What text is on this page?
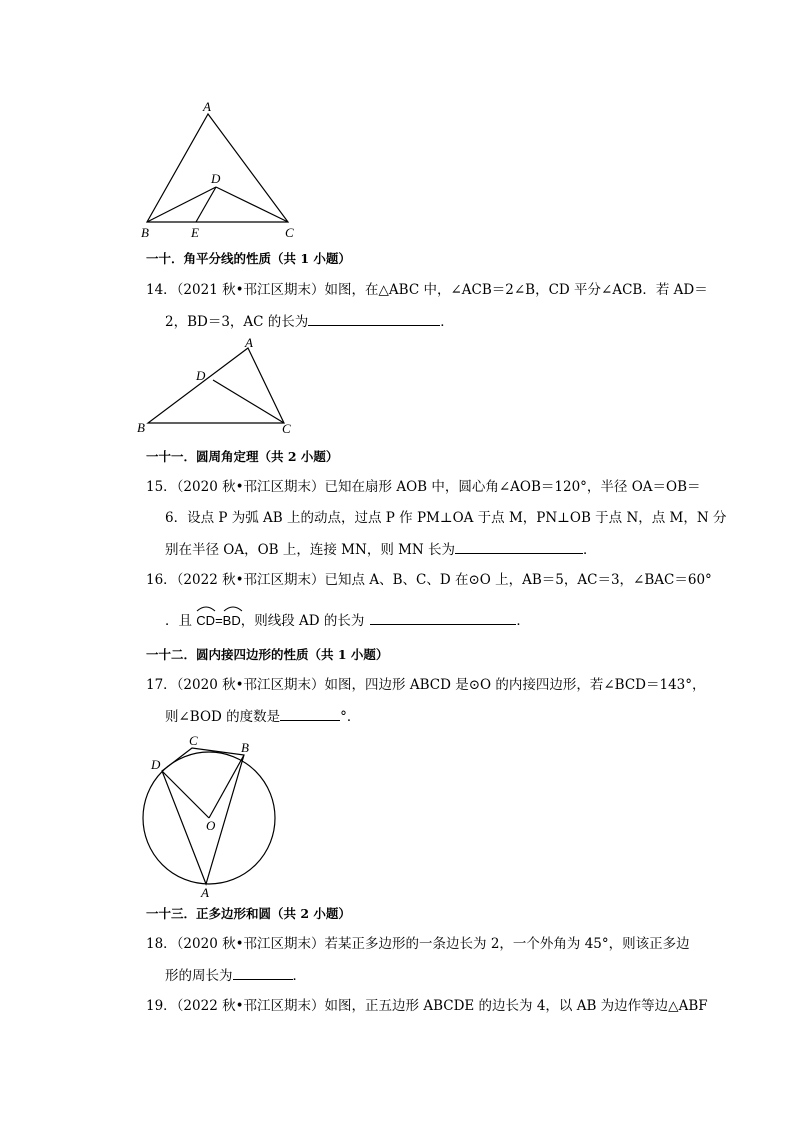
A
B	C
D
E
一十．角平分线的性质（共 1 小题）
14．（2021 秋•邗江区期末）如图，在△ABC 中，∠ACB＝2∠B，CD 平分∠ACB．若 AD＝
2，BD＝3，AC 的长为	．
A
B	C
D
一十一．圆周角定理（共 2 小题）
15．（2020 秋•邗江区期末）已知在扇形 AOB 中，圆心角∠AOB＝120°，半径 OA＝OB＝
6．设点 P 为弧 AB 上的动点，过点 P 作 PM⊥OA 于点 M，PN⊥OB 于点 N，点 M，N 分
别在半径 OA，OB 上，连接 MN，则 MN 长为	．
16．（2022 秋•邗江区期末）已知点 A、B、C、D 在⊙O 上，AB＝5，AC＝3，∠BAC＝60°
．且 CD=
BD，则线段 AD 的长为	．
一十二．圆内接四边形的性质（共 1 小题）
17．（2020 秋•邗江区期末）如图，四边形 ABCD 是⊙O 的内接四边形，若∠BCD＝143°，
则∠BOD 的度数是	°．
A
B
C
D
O
一十三．正多边形和圆（共 2 小题）
18．（2020 秋•邗江区期末）若某正多边形的一条边长为 2，一个外角为 45°，则该正多边
形的周长为	．
19．（2022 秋•邗江区期末）如图，正五边形 ABCDE 的边长为 4，以 AB 为边作等边△ABF
